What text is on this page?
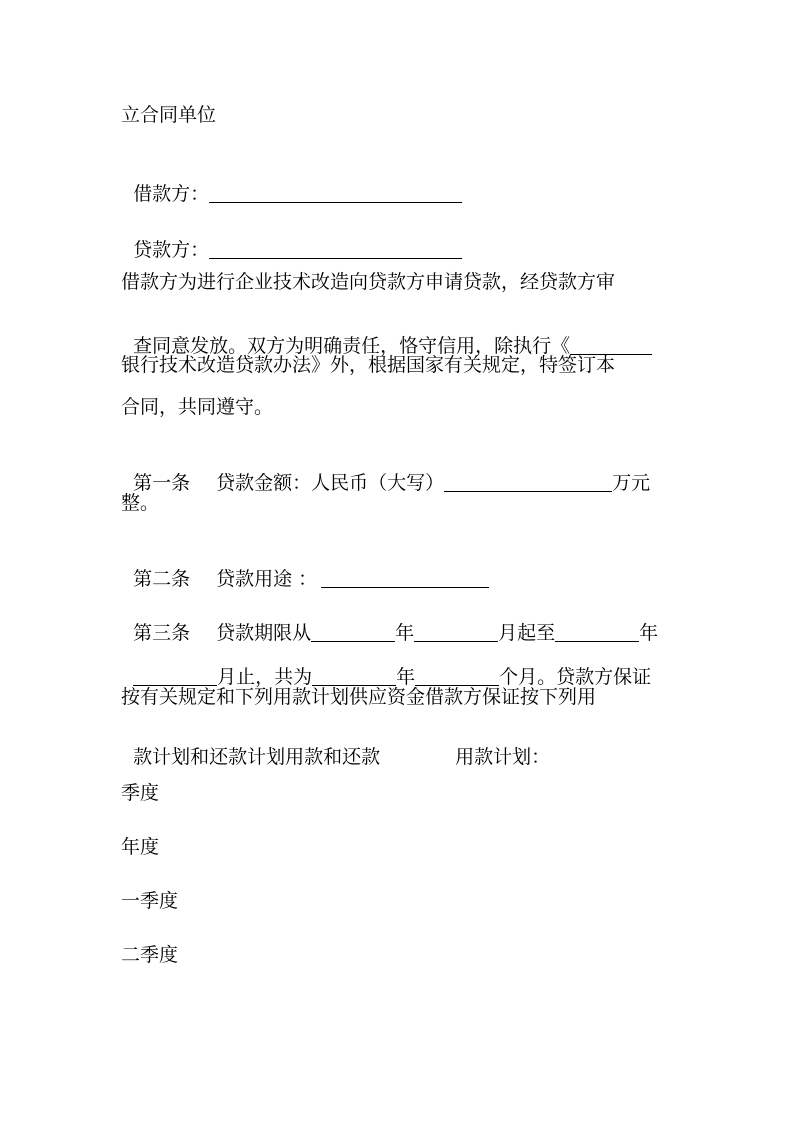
立合同单位

借款方：

贷款方：

借款方为进行企业技术改造向贷款方申请贷款，经贷款方审

查同意发放。双方为明确责任，恪守信用，除执行《

银行技术改造贷款办法》外，根据国家有关规定，特签订本
合同，共同遵守。

第一条 贷款金额：人民币（大写）	万元

整。

第二条 贷款用途 ：

第三条 贷款期限从	年	月起至	年

月止，共为	年	个月。贷款方保证

按有关规定和下列用款计划供应资金借款方保证按下列用

款计划和还款计划用款和还款	用款计划：

季度
年度
一季度
二季度
